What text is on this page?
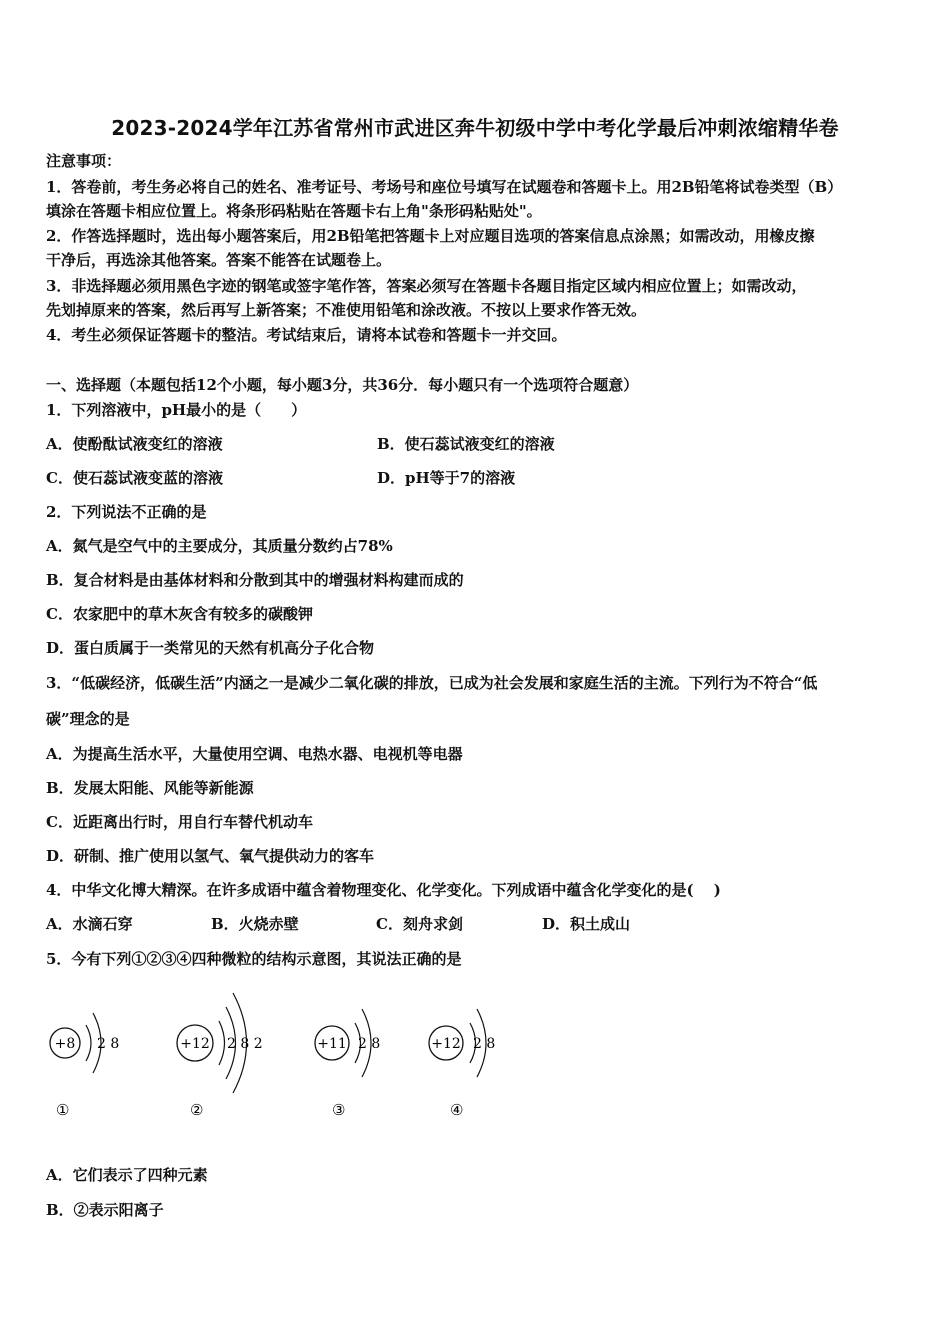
2023-2024学年江苏省常州市武进区奔牛初级中学中考化学最后冲刺浓缩精华卷
注意事项：
1．答卷前，考生务必将自己的姓名、准考证号、考场号和座位号填写在试题卷和答题卡上。用2B铅笔将试卷类型（B）
填涂在答题卡相应位置上。将条形码粘贴在答题卡右上角"条形码粘贴处"。
2．作答选择题时，选出每小题答案后，用2B铅笔把答题卡上对应题目选项的答案信息点涂黑；如需改动，用橡皮擦
干净后，再选涂其他答案。答案不能答在试题卷上。
3．非选择题必须用黑色字迹的钢笔或签字笔作答，答案必须写在答题卡各题目指定区域内相应位置上；如需改动，
先划掉原来的答案，然后再写上新答案；不准使用铅笔和涂改液。不按以上要求作答无效。
4．考生必须保证答题卡的整洁。考试结束后，请将本试卷和答题卡一并交回。
一、选择题（本题包括12个小题，每小题3分，共36分．每小题只有一个选项符合题意）
1．下列溶液中，pH最小的是（　　）
A．使酚酞试液变红的溶液	B．使石蕊试液变红的溶液
C．使石蕊试液变蓝的溶液	D．pH等于7的溶液
2．下列说法不正确的是
A．氮气是空气中的主要成分，其质量分数约占78%
B．复合材料是由基体材料和分散到其中的增强材料构建而成的
C．农家肥中的草木灰含有较多的碳酸钾
D．蛋白质属于一类常见的天然有机高分子化合物
3．“低碳经济，低碳生活”内涵之一是减少二氧化碳的排放，已成为社会发展和家庭生活的主流。下列行为不符合“低
碳”理念的是
A．为提高生活水平，大量使用空调、电热水器、电视机等电器
B．发展太阳能、风能等新能源
C．近距离出行时，用自行车替代机动车
D．研制、推广使用以氢气、氧气提供动力的客车
4．中华文化博大精深。在许多成语中蕴含着物理变化、化学变化。下列成语中蕴含化学变化的是(　 )
A．水滴石穿	B．火烧赤壁	C．刻舟求剑	D．积土成山
5．今有下列①②③④四种微粒的结构示意图，其说法正确的是
+8 2 8
①
+12 2 8 2
②
+11 2 8
③
+12 2 8
④
A．它们表示了四种元素
B．②表示阳离子
